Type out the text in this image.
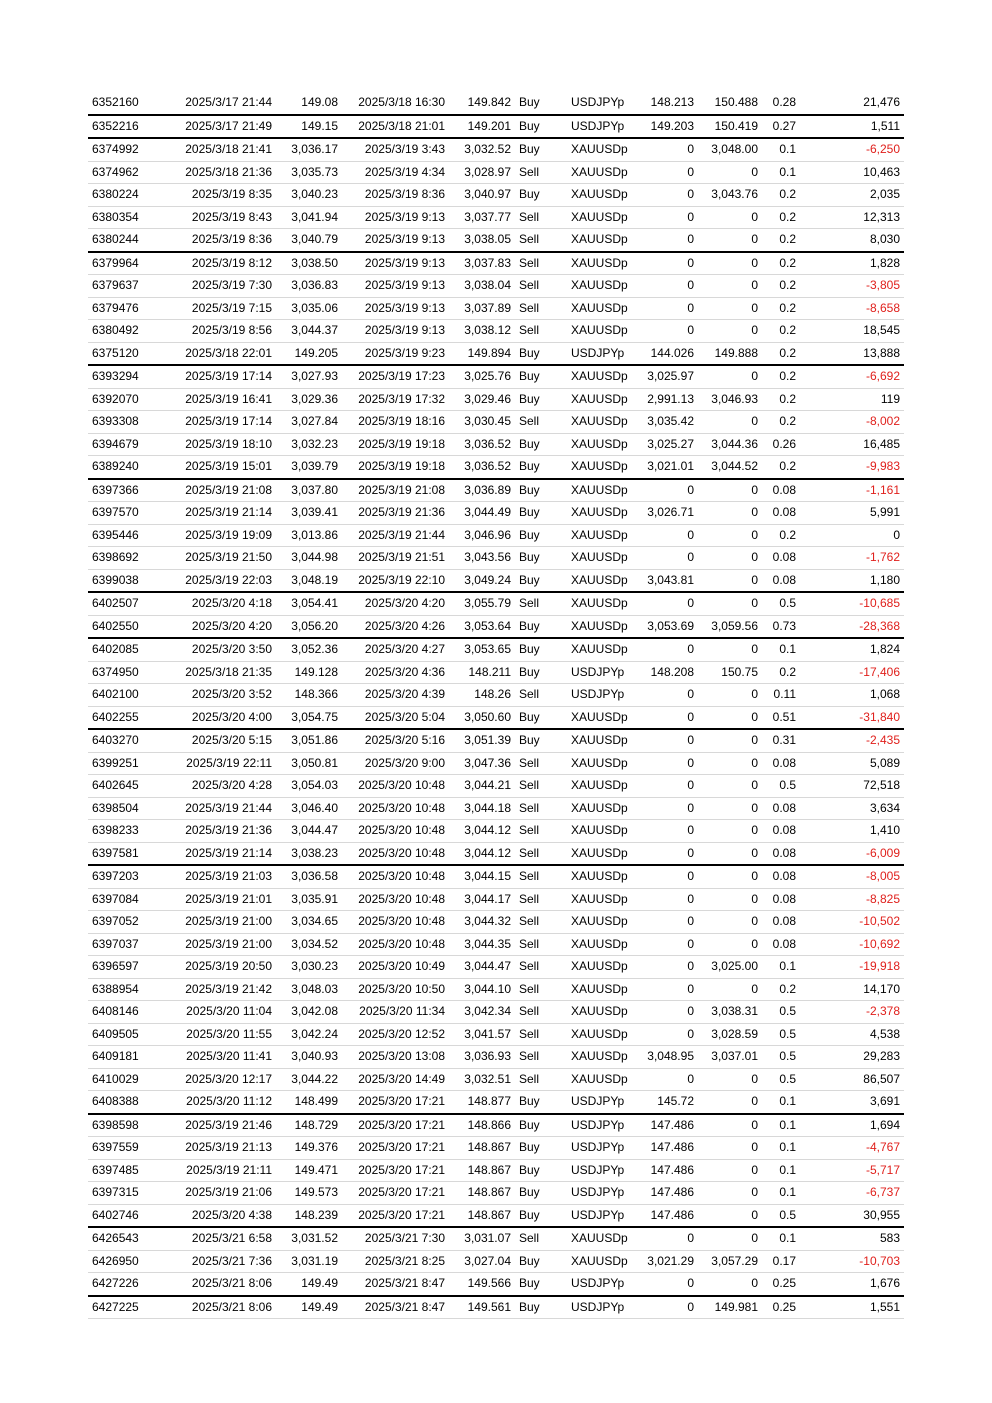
6352160	2025/3/17 21:44	149.08	2025/3/18 16:30	149.842	Buy	USDJPYp	148.213	150.488	0.28	21,476
6352216	2025/3/17 21:49	149.15	2025/3/18 21:01	149.201	Buy	USDJPYp	149.203	150.419	0.27	1,511
6374992	2025/3/18 21:41	3,036.17	2025/3/19 3:43	3,032.52	Buy	XAUUSDp	0	3,048.00	0.1	-6,250
6374962	2025/3/18 21:36	3,035.73	2025/3/19 4:34	3,028.97	Sell	XAUUSDp	0	0	0.1	10,463
6380224	2025/3/19 8:35	3,040.23	2025/3/19 8:36	3,040.97	Buy	XAUUSDp	0	3,043.76	0.2	2,035
6380354	2025/3/19 8:43	3,041.94	2025/3/19 9:13	3,037.77	Sell	XAUUSDp	0	0	0.2	12,313
6380244	2025/3/19 8:36	3,040.79	2025/3/19 9:13	3,038.05	Sell	XAUUSDp	0	0	0.2	8,030
6379964	2025/3/19 8:12	3,038.50	2025/3/19 9:13	3,037.83	Sell	XAUUSDp	0	0	0.2	1,828
6379637	2025/3/19 7:30	3,036.83	2025/3/19 9:13	3,038.04	Sell	XAUUSDp	0	0	0.2	-3,805
6379476	2025/3/19 7:15	3,035.06	2025/3/19 9:13	3,037.89	Sell	XAUUSDp	0	0	0.2	-8,658
6380492	2025/3/19 8:56	3,044.37	2025/3/19 9:13	3,038.12	Sell	XAUUSDp	0	0	0.2	18,545
6375120	2025/3/18 22:01	149.205	2025/3/19 9:23	149.894	Buy	USDJPYp	144.026	149.888	0.2	13,888
6393294	2025/3/19 17:14	3,027.93	2025/3/19 17:23	3,025.76	Buy	XAUUSDp	3,025.97	0	0.2	-6,692
6392070	2025/3/19 16:41	3,029.36	2025/3/19 17:32	3,029.46	Buy	XAUUSDp	2,991.13	3,046.93	0.2	119
6393308	2025/3/19 17:14	3,027.84	2025/3/19 18:16	3,030.45	Sell	XAUUSDp	3,035.42	0	0.2	-8,002
6394679	2025/3/19 18:10	3,032.23	2025/3/19 19:18	3,036.52	Buy	XAUUSDp	3,025.27	3,044.36	0.26	16,485
6389240	2025/3/19 15:01	3,039.79	2025/3/19 19:18	3,036.52	Buy	XAUUSDp	3,021.01	3,044.52	0.2	-9,983
6397366	2025/3/19 21:08	3,037.80	2025/3/19 21:08	3,036.89	Buy	XAUUSDp	0	0	0.08	-1,161
6397570	2025/3/19 21:14	3,039.41	2025/3/19 21:36	3,044.49	Buy	XAUUSDp	3,026.71	0	0.08	5,991
6395446	2025/3/19 19:09	3,013.86	2025/3/19 21:44	3,046.96	Buy	XAUUSDp	0	0	0.2	0
6398692	2025/3/19 21:50	3,044.98	2025/3/19 21:51	3,043.56	Buy	XAUUSDp	0	0	0.08	-1,762
6399038	2025/3/19 22:03	3,048.19	2025/3/19 22:10	3,049.24	Buy	XAUUSDp	3,043.81	0	0.08	1,180
6402507	2025/3/20 4:18	3,054.41	2025/3/20 4:20	3,055.79	Sell	XAUUSDp	0	0	0.5	-10,685
6402550	2025/3/20 4:20	3,056.20	2025/3/20 4:26	3,053.64	Buy	XAUUSDp	3,053.69	3,059.56	0.73	-28,368
6402085	2025/3/20 3:50	3,052.36	2025/3/20 4:27	3,053.65	Buy	XAUUSDp	0	0	0.1	1,824
6374950	2025/3/18 21:35	149.128	2025/3/20 4:36	148.211	Buy	USDJPYp	148.208	150.75	0.2	-17,406
6402100	2025/3/20 3:52	148.366	2025/3/20 4:39	148.26	Sell	USDJPYp	0	0	0.11	1,068
6402255	2025/3/20 4:00	3,054.75	2025/3/20 5:04	3,050.60	Buy	XAUUSDp	0	0	0.51	-31,840
6403270	2025/3/20 5:15	3,051.86	2025/3/20 5:16	3,051.39	Buy	XAUUSDp	0	0	0.31	-2,435
6399251	2025/3/19 22:11	3,050.81	2025/3/20 9:00	3,047.36	Sell	XAUUSDp	0	0	0.08	5,089
6402645	2025/3/20 4:28	3,054.03	2025/3/20 10:48	3,044.21	Sell	XAUUSDp	0	0	0.5	72,518
6398504	2025/3/19 21:44	3,046.40	2025/3/20 10:48	3,044.18	Sell	XAUUSDp	0	0	0.08	3,634
6398233	2025/3/19 21:36	3,044.47	2025/3/20 10:48	3,044.12	Sell	XAUUSDp	0	0	0.08	1,410
6397581	2025/3/19 21:14	3,038.23	2025/3/20 10:48	3,044.12	Sell	XAUUSDp	0	0	0.08	-6,009
6397203	2025/3/19 21:03	3,036.58	2025/3/20 10:48	3,044.15	Sell	XAUUSDp	0	0	0.08	-8,005
6397084	2025/3/19 21:01	3,035.91	2025/3/20 10:48	3,044.17	Sell	XAUUSDp	0	0	0.08	-8,825
6397052	2025/3/19 21:00	3,034.65	2025/3/20 10:48	3,044.32	Sell	XAUUSDp	0	0	0.08	-10,502
6397037	2025/3/19 21:00	3,034.52	2025/3/20 10:48	3,044.35	Sell	XAUUSDp	0	0	0.08	-10,692
6396597	2025/3/19 20:50	3,030.23	2025/3/20 10:49	3,044.47	Sell	XAUUSDp	0	3,025.00	0.1	-19,918
6388954	2025/3/19 21:42	3,048.03	2025/3/20 10:50	3,044.10	Sell	XAUUSDp	0	0	0.2	14,170
6408146	2025/3/20 11:04	3,042.08	2025/3/20 11:34	3,042.34	Sell	XAUUSDp	0	3,038.31	0.5	-2,378
6409505	2025/3/20 11:55	3,042.24	2025/3/20 12:52	3,041.57	Sell	XAUUSDp	0	3,028.59	0.5	4,538
6409181	2025/3/20 11:41	3,040.93	2025/3/20 13:08	3,036.93	Sell	XAUUSDp	3,048.95	3,037.01	0.5	29,283
6410029	2025/3/20 12:17	3,044.22	2025/3/20 14:49	3,032.51	Sell	XAUUSDp	0	0	0.5	86,507
6408388	2025/3/20 11:12	148.499	2025/3/20 17:21	148.877	Buy	USDJPYp	145.72	0	0.1	3,691
6398598	2025/3/19 21:46	148.729	2025/3/20 17:21	148.866	Buy	USDJPYp	147.486	0	0.1	1,694
6397559	2025/3/19 21:13	149.376	2025/3/20 17:21	148.867	Buy	USDJPYp	147.486	0	0.1	-4,767
6397485	2025/3/19 21:11	149.471	2025/3/20 17:21	148.867	Buy	USDJPYp	147.486	0	0.1	-5,717
6397315	2025/3/19 21:06	149.573	2025/3/20 17:21	148.867	Buy	USDJPYp	147.486	0	0.1	-6,737
6402746	2025/3/20 4:38	148.239	2025/3/20 17:21	148.867	Buy	USDJPYp	147.486	0	0.5	30,955
6426543	2025/3/21 6:58	3,031.52	2025/3/21 7:30	3,031.07	Sell	XAUUSDp	0	0	0.1	583
6426950	2025/3/21 7:36	3,031.19	2025/3/21 8:25	3,027.04	Buy	XAUUSDp	3,021.29	3,057.29	0.17	-10,703
6427226	2025/3/21 8:06	149.49	2025/3/21 8:47	149.566	Buy	USDJPYp	0	0	0.25	1,676
6427225	2025/3/21 8:06	149.49	2025/3/21 8:47	149.561	Buy	USDJPYp	0	149.981	0.25	1,551
